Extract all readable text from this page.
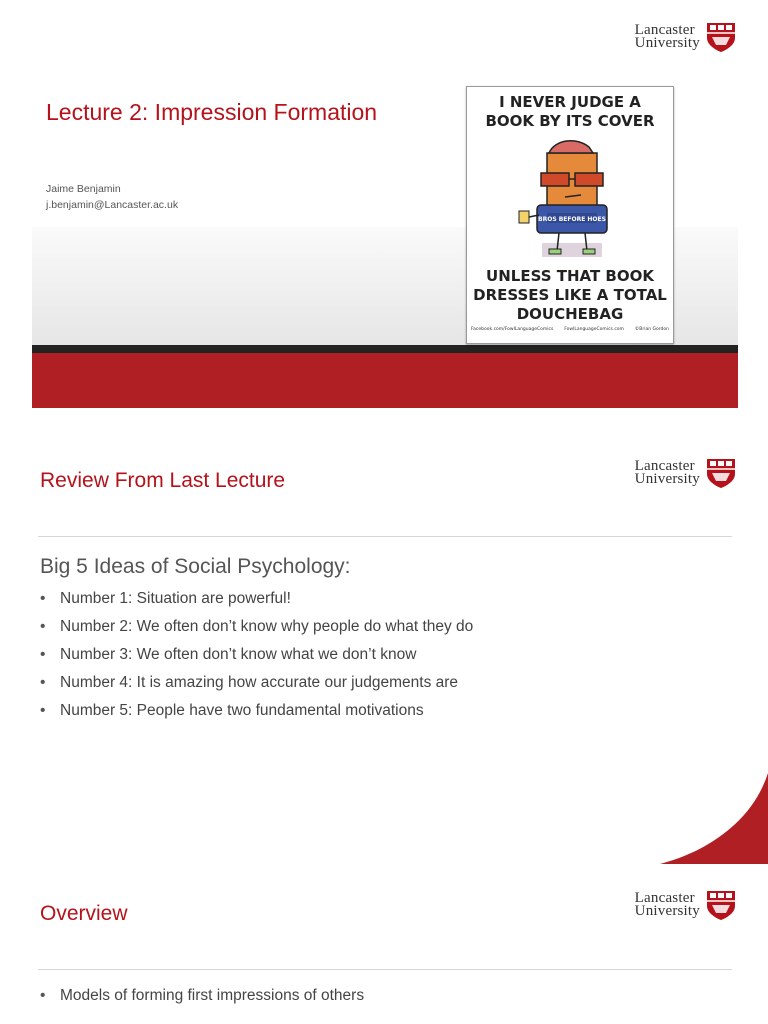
Lancaster
University
Lecture 2: Impression Formation
Jaime Benjamin
j.benjamin@Lancaster.ac.uk
I NEVER JUDGE A
BOOK BY ITS COVER
BROS BEFORE HOES
UNLESS THAT BOOK
DRESSES LIKE A TOTAL
DOUCHEBAG
Facebook.com/FowlLanguageComics FowlLanguageComics.com ©Brian Gordon
Lancaster
University
Review From Last Lecture
Big 5 Ideas of Social Psychology:
• Number 1: Situation are powerful!
• Number 2: We often don’t know why people do what they do
• Number 3: We often don’t know what we don’t know
• Number 4: It is amazing how accurate our judgements are
• Number 5: People have two fundamental motivations
Lancaster
University
Overview
• Models of forming first impressions of others
